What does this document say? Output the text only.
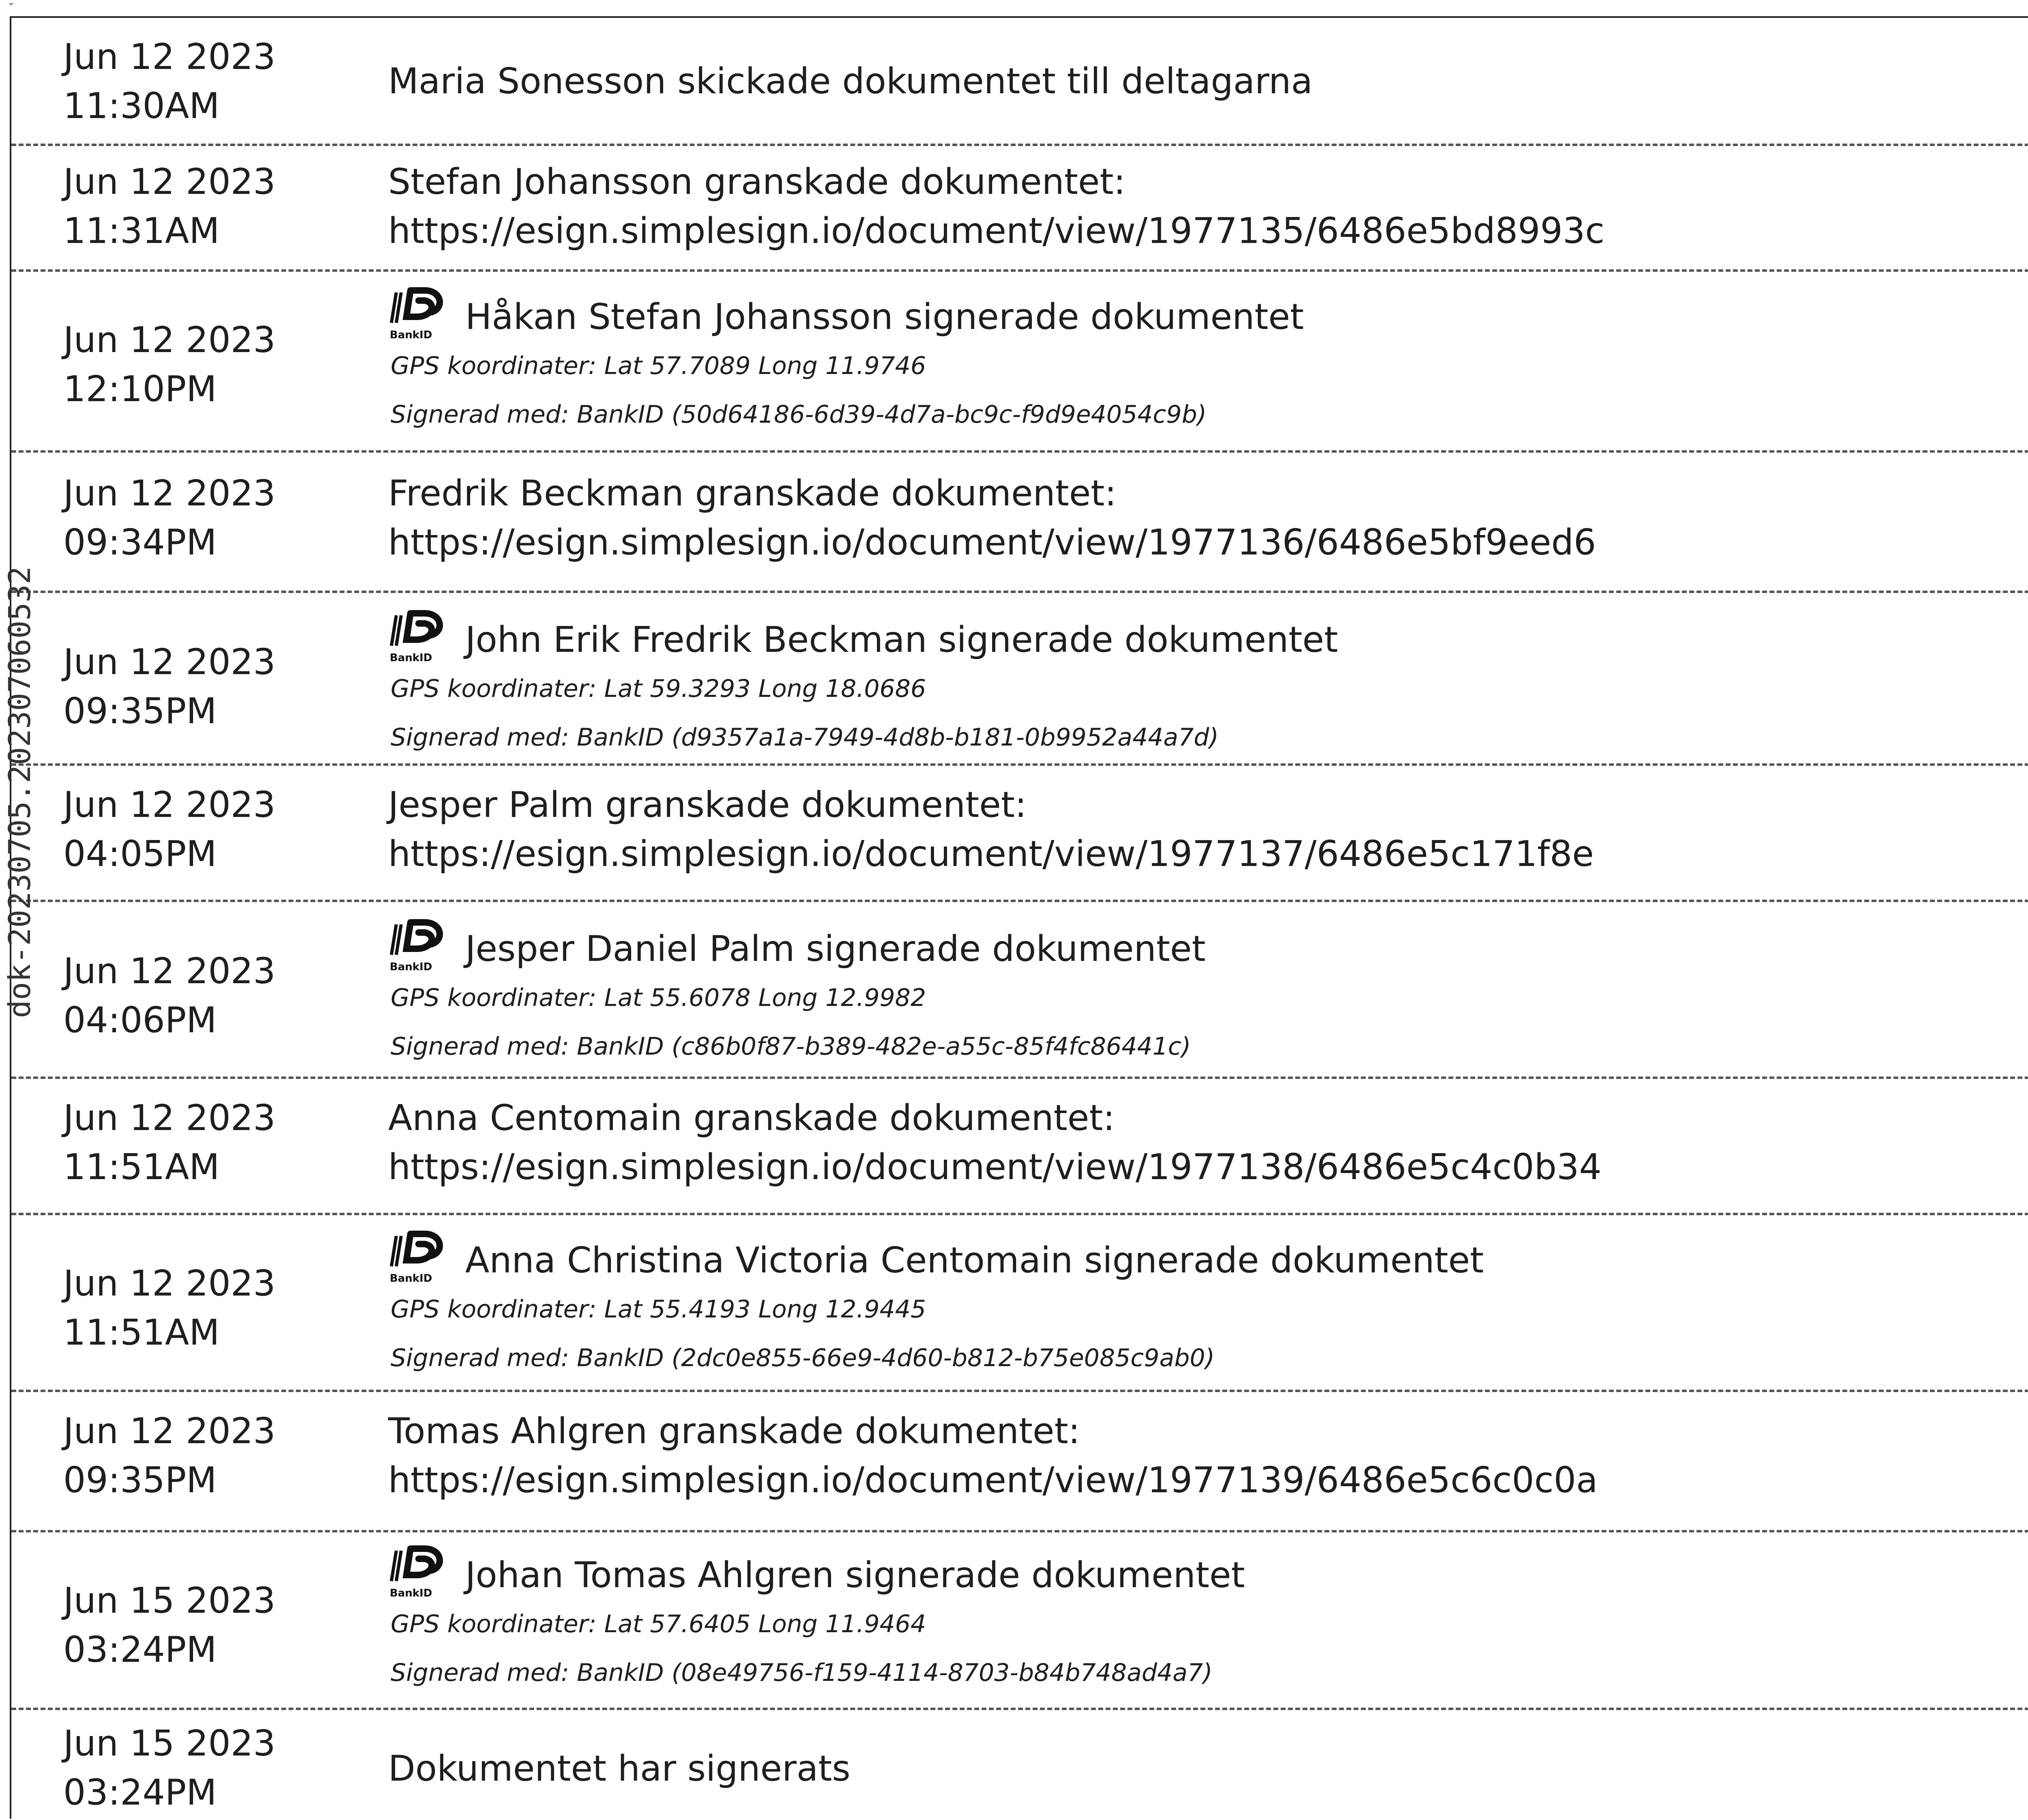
ˇ
Jun 12 2023
11:30AM
Maria Sonesson skickade dokumentet till deltagarna
Jun 12 2023
11:31AM
Stefan Johansson granskade dokumentet:
https://esign.simplesign.io/document/view/1977135/6486e5bd8993c
Jun 12 2023
12:10PM
BankID Håkan Stefan Johansson signerade dokumentet
GPS koordinater: Lat 57.7089 Long 11.9746
Signerad med: BankID (50d64186-6d39-4d7a-bc9c-f9d9e4054c9b)
Jun 12 2023
09:34PM
Fredrik Beckman granskade dokumentet:
https://esign.simplesign.io/document/view/1977136/6486e5bf9eed6
Jun 12 2023
09:35PM
BankID John Erik Fredrik Beckman signerade dokumentet
GPS koordinater: Lat 59.3293 Long 18.0686
Signerad med: BankID (d9357a1a-7949-4d8b-b181-0b9952a44a7d)
Jun 12 2023
04:05PM
Jesper Palm granskade dokumentet:
https://esign.simplesign.io/document/view/1977137/6486e5c171f8e
Jun 12 2023
04:06PM
BankID Jesper Daniel Palm signerade dokumentet
GPS koordinater: Lat 55.6078 Long 12.9982
Signerad med: BankID (c86b0f87-b389-482e-a55c-85f4fc86441c)
Jun 12 2023
11:51AM
Anna Centomain granskade dokumentet:
https://esign.simplesign.io/document/view/1977138/6486e5c4c0b34
Jun 12 2023
11:51AM
BankID Anna Christina Victoria Centomain signerade dokumentet
GPS koordinater: Lat 55.4193 Long 12.9445
Signerad med: BankID (2dc0e855-66e9-4d60-b812-b75e085c9ab0)
Jun 12 2023
09:35PM
Tomas Ahlgren granskade dokumentet:
https://esign.simplesign.io/document/view/1977139/6486e5c6c0c0a
Jun 15 2023
03:24PM
BankID Johan Tomas Ahlgren signerade dokumentet
GPS koordinater: Lat 57.6405 Long 11.9464
Signerad med: BankID (08e49756-f159-4114-8703-b84b748ad4a7)
Jun 15 2023
03:24PM
Dokumentet har signerats
dok-20230705.202307060532
